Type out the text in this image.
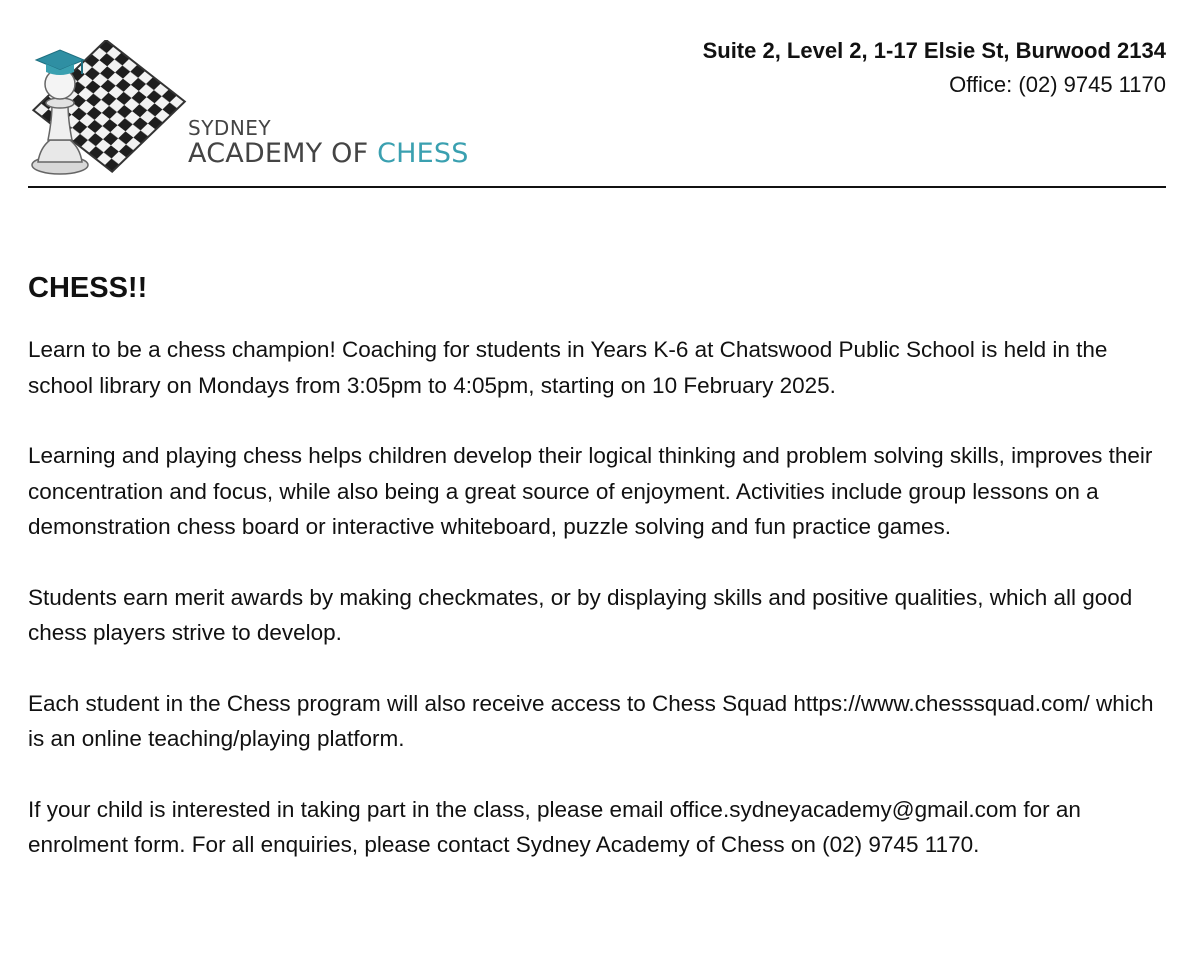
SYDNEY
ACADEMY OF CHESS
Suite 2, Level 2, 1-17 Elsie St, Burwood 2134
Office: (02) 9745 1170
CHESS!!

Learn to be a chess champion! Coaching for students in Years K-6 at Chatswood Public School is held in the school library on Mondays from 3:05pm to 4:05pm, starting on 10 February 2025.

Learning and playing chess helps children develop their logical thinking and problem solving skills, improves their concentration and focus, while also being a great source of enjoyment. Activities include group lessons on a demonstration chess board or interactive whiteboard, puzzle solving and fun practice games.

Students earn merit awards by making checkmates, or by displaying skills and positive qualities, which all good chess players strive to develop.

Each student in the Chess program will also receive access to Chess Squad https://www.chesssquad.com/ which is an online teaching/playing platform.

If your child is interested in taking part in the class, please email office.sydneyacademy@gmail.com for an enrolment form. For all enquiries, please contact Sydney Academy of Chess on (02) 9745 1170.
